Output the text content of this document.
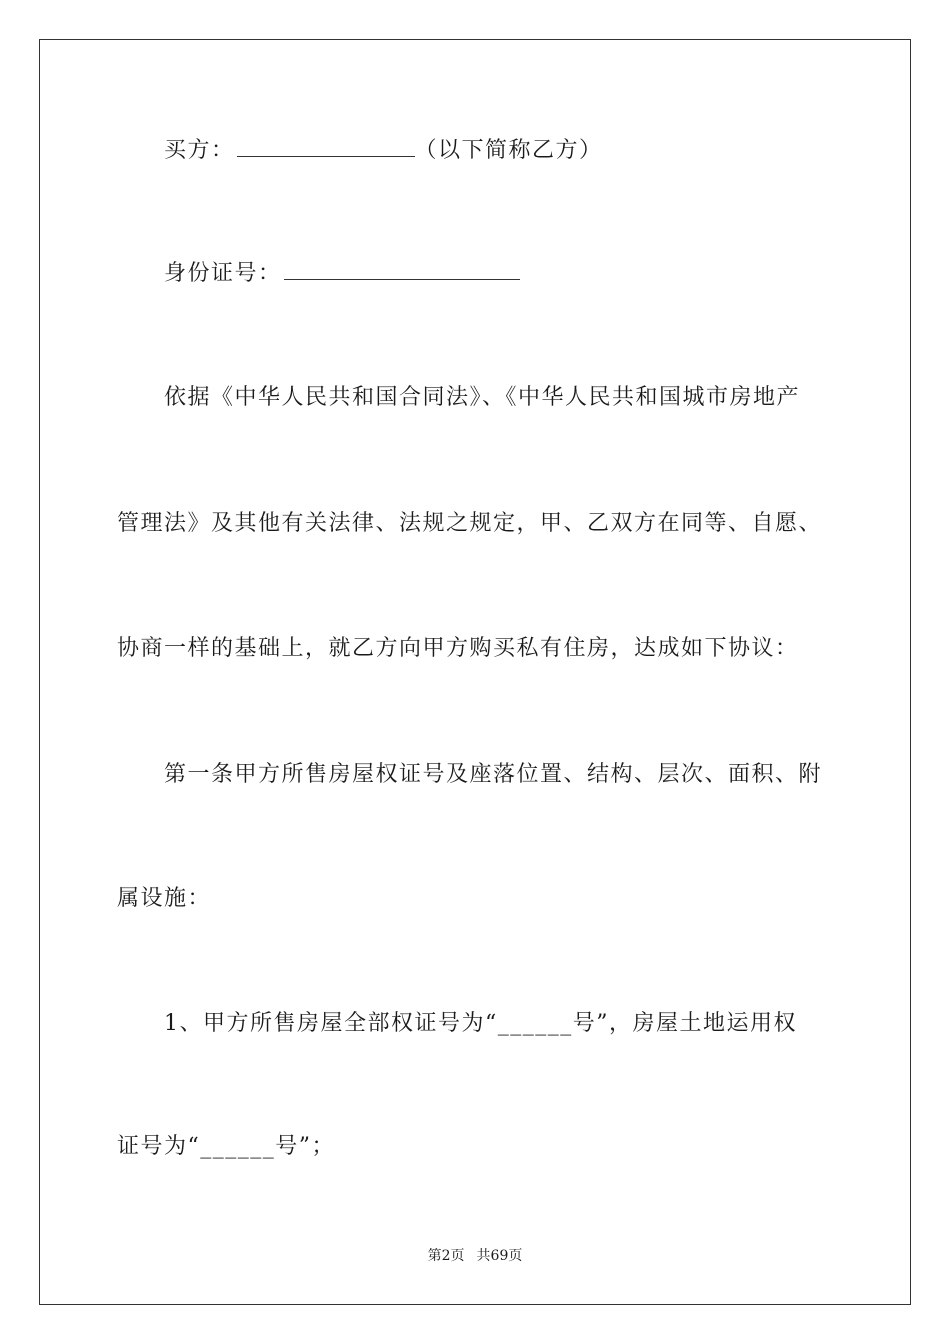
买方：	（以下简称乙方）
身份证号：
依据《中华人民共和国合同法》、《中华人民共和国城市房地产
管理法》及其他有关法律、法规之规定，甲、乙双方在同等、自愿、
协商一样的基础上，就乙方向甲方购买私有住房，达成如下协议：
第一条甲方所售房屋权证号及座落位置、结构、层次、面积、附
属设施：
1、甲方所售房屋全部权证号为“______号”，房屋土地运用权
证号为“______号”；
第2页 共69页
